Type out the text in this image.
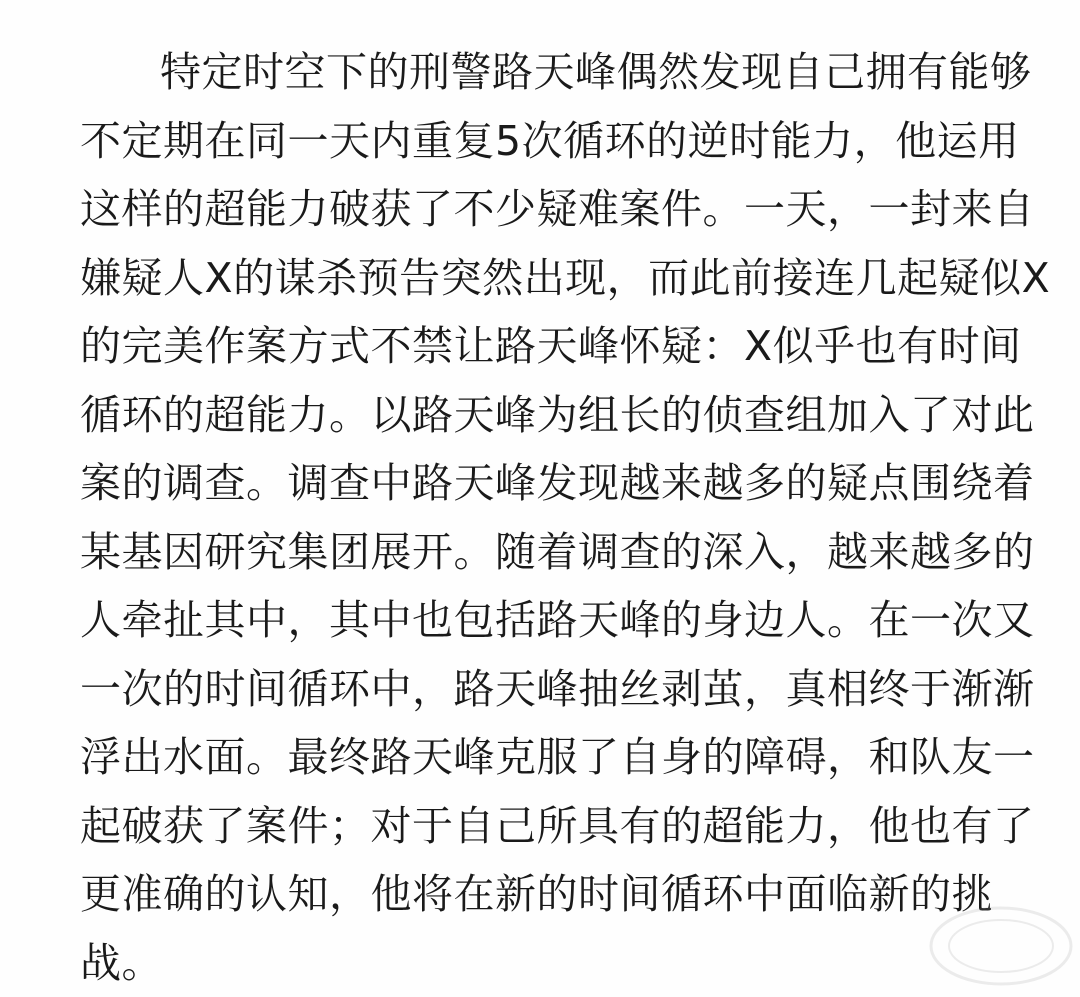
特定时空下的刑警路天峰偶然发现自己拥有能够
不定期在同一天内重复5次循环的逆时能力，他运用
这样的超能力破获了不少疑难案件。一天，一封来自
嫌疑人X的谋杀预告突然出现，而此前接连几起疑似X
的完美作案方式不禁让路天峰怀疑：X似乎也有时间
循环的超能力。以路天峰为组长的侦查组加入了对此
案的调查。调查中路天峰发现越来越多的疑点围绕着
某基因研究集团展开。随着调查的深入，越来越多的
人牵扯其中，其中也包括路天峰的身边人。在一次又
一次的时间循环中，路天峰抽丝剥茧，真相终于渐渐
浮出水面。最终路天峰克服了自身的障碍，和队友一
起破获了案件；对于自己所具有的超能力，他也有了
更准确的认知，他将在新的时间循环中面临新的挑
战。
